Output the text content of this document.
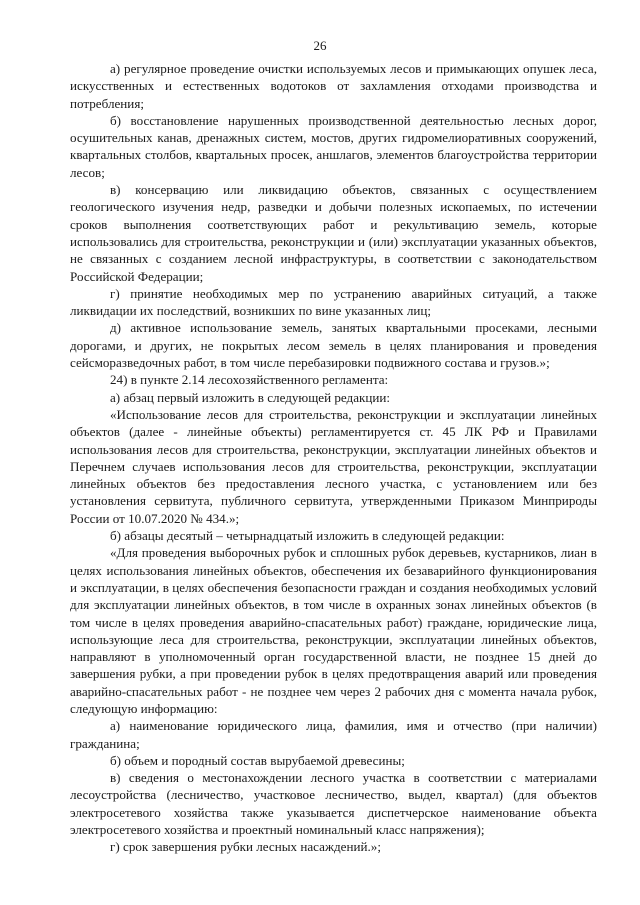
26

а) регулярное проведение очистки используемых лесов и примыкающих опушек леса, искусственных и естественных водотоков от захламления отходами производства и потребления;

б) восстановление нарушенных производственной деятельностью лесных дорог, осушительных канав, дренажных систем, мостов, других гидромелиоративных сооружений, квартальных столбов, квартальных просек, аншлагов, элементов благоустройства территории лесов;

в) консервацию или ликвидацию объектов, связанных с осуществлением геологического изучения недр, разведки и добычи полезных ископаемых, по истечении сроков выполнения соответствующих работ и рекультивацию земель, которые использовались для строительства, реконструкции и (или) эксплуатации указанных объектов, не связанных с созданием лесной инфраструктуры, в соответствии с законодательством Российской Федерации;

г) принятие необходимых мер по устранению аварийных ситуаций, а также ликвидации их последствий, возникших по вине указанных лиц;

д) активное использование земель, занятых квартальными просеками, лесными дорогами, и других, не покрытых лесом земель в целях планирования и проведения сейсморазведочных работ, в том числе перебазировки подвижного состава и грузов.»;

24) в пункте 2.14 лесохозяйственного регламента:

а) абзац первый изложить в следующей редакции:

«Использование лесов для строительства, реконструкции и эксплуатации линейных объектов (далее - линейные объекты) регламентируется ст. 45 ЛК РФ и Правилами использования лесов для строительства, реконструкции, эксплуатации линейных объектов и Перечнем случаев использования лесов для строительства, реконструкции, эксплуатации линейных объектов без предоставления лесного участка, с установлением или без установления сервитута, публичного сервитута, утвержденными Приказом Минприроды России от 10.07.2020 № 434.»;

б) абзацы десятый – четырнадцатый изложить в следующей редакции:

«Для проведения выборочных рубок и сплошных рубок деревьев, кустарников, лиан в целях использования линейных объектов, обеспечения их безаварийного функционирования и эксплуатации, в целях обеспечения безопасности граждан и создания необходимых условий для эксплуатации линейных объектов, в том числе в охранных зонах линейных объектов (в том числе в целях проведения аварийно-спасательных работ) граждане, юридические лица, использующие леса для строительства, реконструкции, эксплуатации линейных объектов, направляют в уполномоченный орган государственной власти, не позднее 15 дней до завершения рубки, а при проведении рубок в целях предотвращения аварий или проведения аварийно-спасательных работ - не позднее чем через 2 рабочих дня с момента начала рубок, следующую информацию:

а) наименование юридического лица, фамилия, имя и отчество (при наличии) гражданина;

б) объем и породный состав вырубаемой древесины;

в) сведения о местонахождении лесного участка в соответствии с материалами лесоустройства (лесничество, участковое лесничество, выдел, квартал) (для объектов электросетевого хозяйства также указывается диспетчерское наименование объекта электросетевого хозяйства и проектный номинальный класс напряжения);

г) срок завершения рубки лесных насаждений.»;
